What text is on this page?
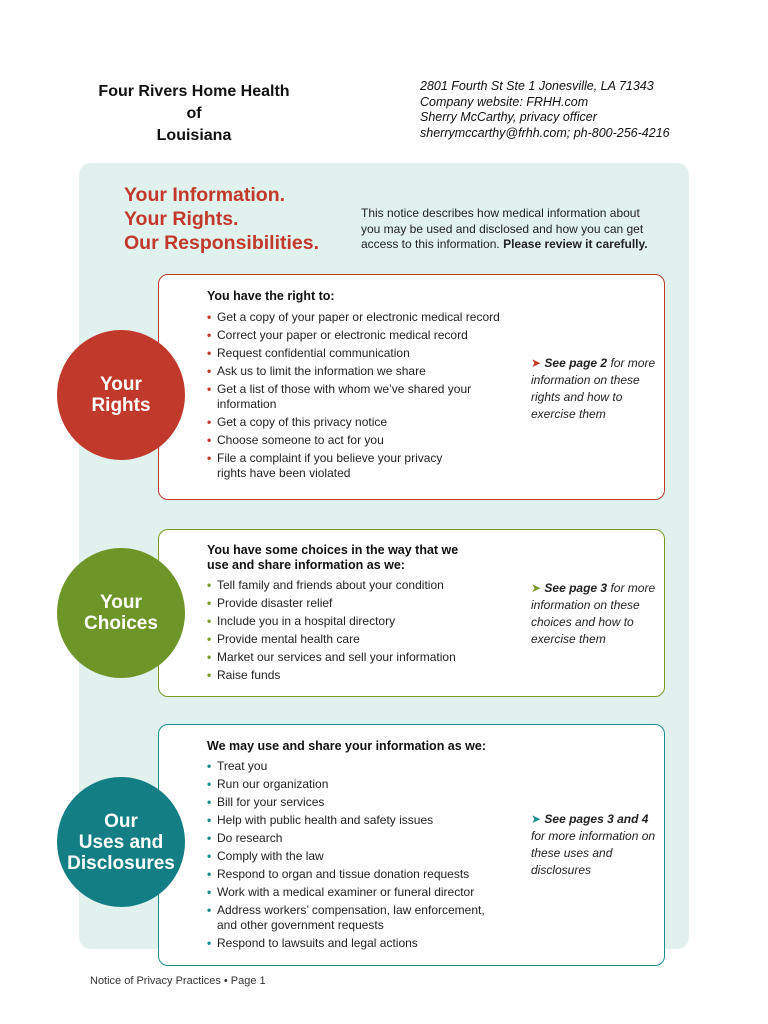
Four Rivers Home Health
of
Louisiana
2801 Fourth St Ste 1 Jonesville, LA 71343
Company website: FRHH.com
Sherry McCarthy, privacy officer
sherrymccarthy@frhh.com; ph-800-256-4216
Your Information.
Your Rights.
Our Responsibilities.
This notice describes how medical information about you may be used and disclosed and how you can get access to this information. Please review it carefully.
You have the right to:
• Get a copy of your paper or electronic medical record
• Correct your paper or electronic medical record
• Request confidential communication
• Ask us to limit the information we share
• Get a list of those with whom we’ve shared your information
• Get a copy of this privacy notice
• Choose someone to act for you
• File a complaint if you believe your privacy rights have been violated
➤ See page 2 for more information on these rights and how to exercise them
You have some choices in the way that we use and share information as we:
• Tell family and friends about your condition
• Provide disaster relief
• Include you in a hospital directory
• Provide mental health care
• Market our services and sell your information
• Raise funds
➤ See page 3 for more information on these choices and how to exercise them
We may use and share your information as we:
• Treat you
• Run our organization
• Bill for your services
• Help with public health and safety issues
• Do research
• Comply with the law
• Respond to organ and tissue donation requests
• Work with a medical examiner or funeral director
• Address workers’ compensation, law enforcement, and other government requests
• Respond to lawsuits and legal actions
➤ See pages 3 and 4 for more information on these uses and disclosures
Your
Rights
Your
Choices
Our
Uses and
Disclosures
Notice of Privacy Practices • Page 1
